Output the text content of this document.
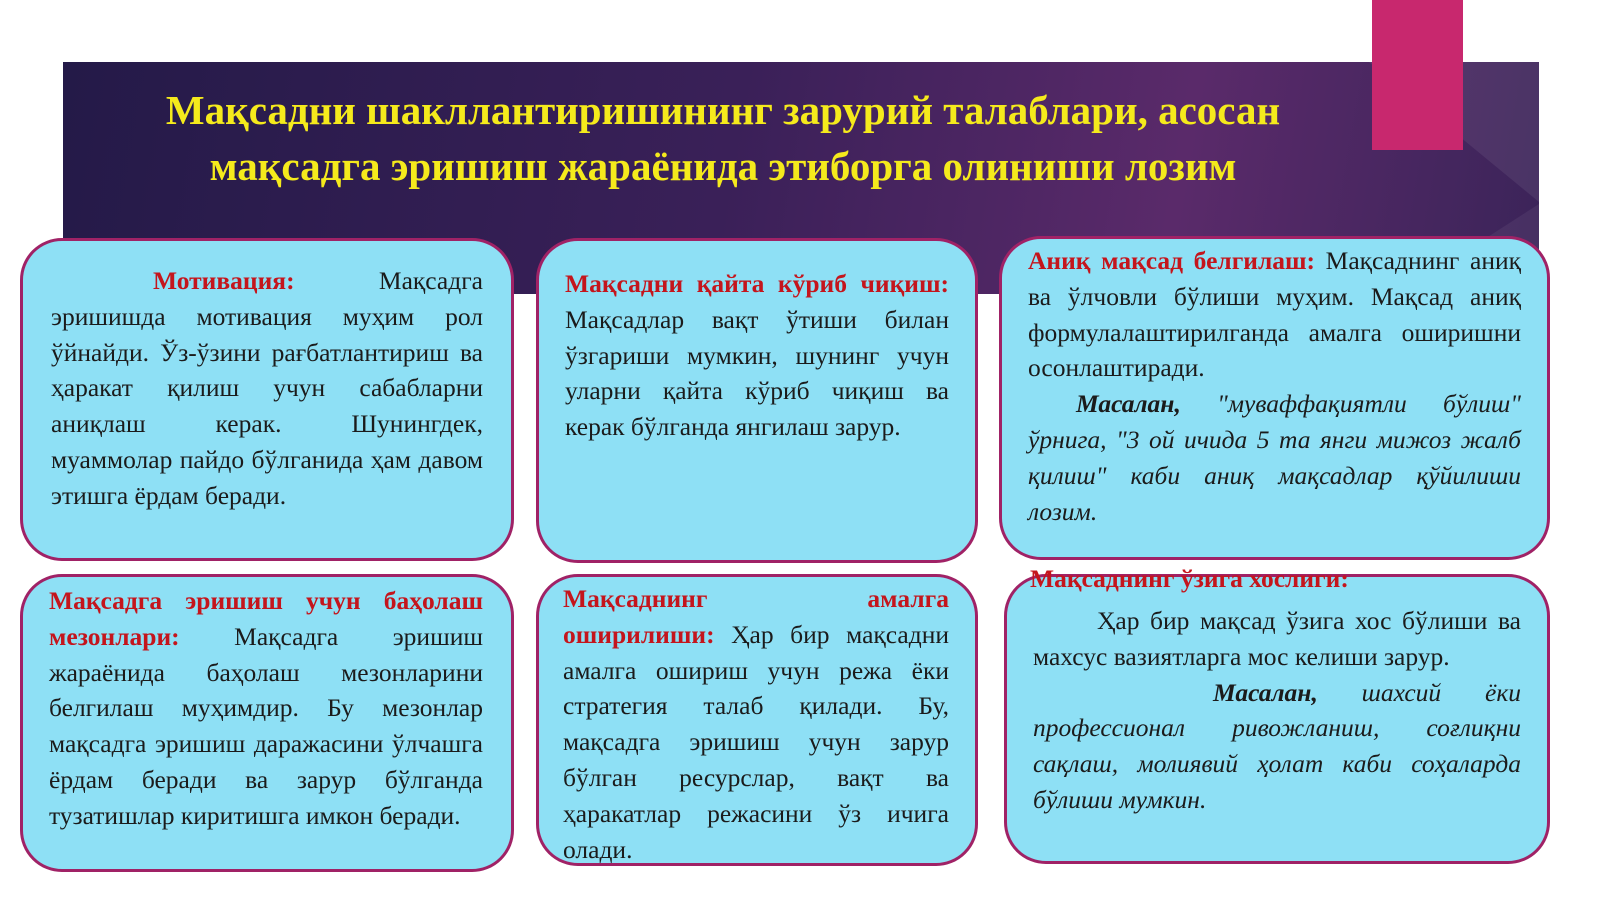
Мақсадни шакллантиришининг зарурий талаблари, асосан мақсадга эришиш жараёнида этиборга олиниши лозим

Мотивация: Мақсадга эришишда мотивация муҳим рол ўйнайди. Ўз-ўзини рағбатлантириш ва ҳаракат қилиш учун сабабларни аниқлаш керак. Шунингдек, муаммолар пайдо бўлганида ҳам давом этишга ёрдам беради.

Мақсадни қайта кўриб чиқиш: Мақсадлар вақт ўтиши билан ўзгариши мумкин, шунинг учун уларни қайта кўриб чиқиш ва керак бўлганда янгилаш зарур.

Аниқ мақсад белгилаш: Мақсаднинг аниқ ва ўлчовли бўлиши муҳим. Мақсад аниқ формулалаштирилганда амалга оширишни осонлаштиради.

Масалан, "муваффақиятли бўлиш" ўрнига, "3 ой ичида 5 та янги мижоз жалб қилиш" каби аниқ мақсадлар қўйилиши лозим.

Мақсадга эришиш учун баҳолаш мезонлари: Мақсадга эришиш жараёнида баҳолаш мезонларини белгилаш муҳимдир. Бу мезонлар мақсадга эришиш даражасини ўлчашга ёрдам беради ва зарур бўлганда тузатишлар киритишга имкон беради.

Мақсаднинг амалга оширилиши: Ҳар бир мақсадни амалга ошириш учун режа ёки стратегия талаб қилади. Бу, мақсадга эришиш учун зарур бўлган ресурслар, вақт ва ҳаракатлар режасини ўз ичига олади.

Ҳар бир мақсад ўзига хос бўлиши ва махсус вазиятларга мос келиши зарур.

Масалан, шахсий ёки профессионал ривожланиш, соғлиқни сақлаш, молиявий ҳолат каби соҳаларда бўлиши мумкин.

Мақсаднинг ўзига хослиги:
